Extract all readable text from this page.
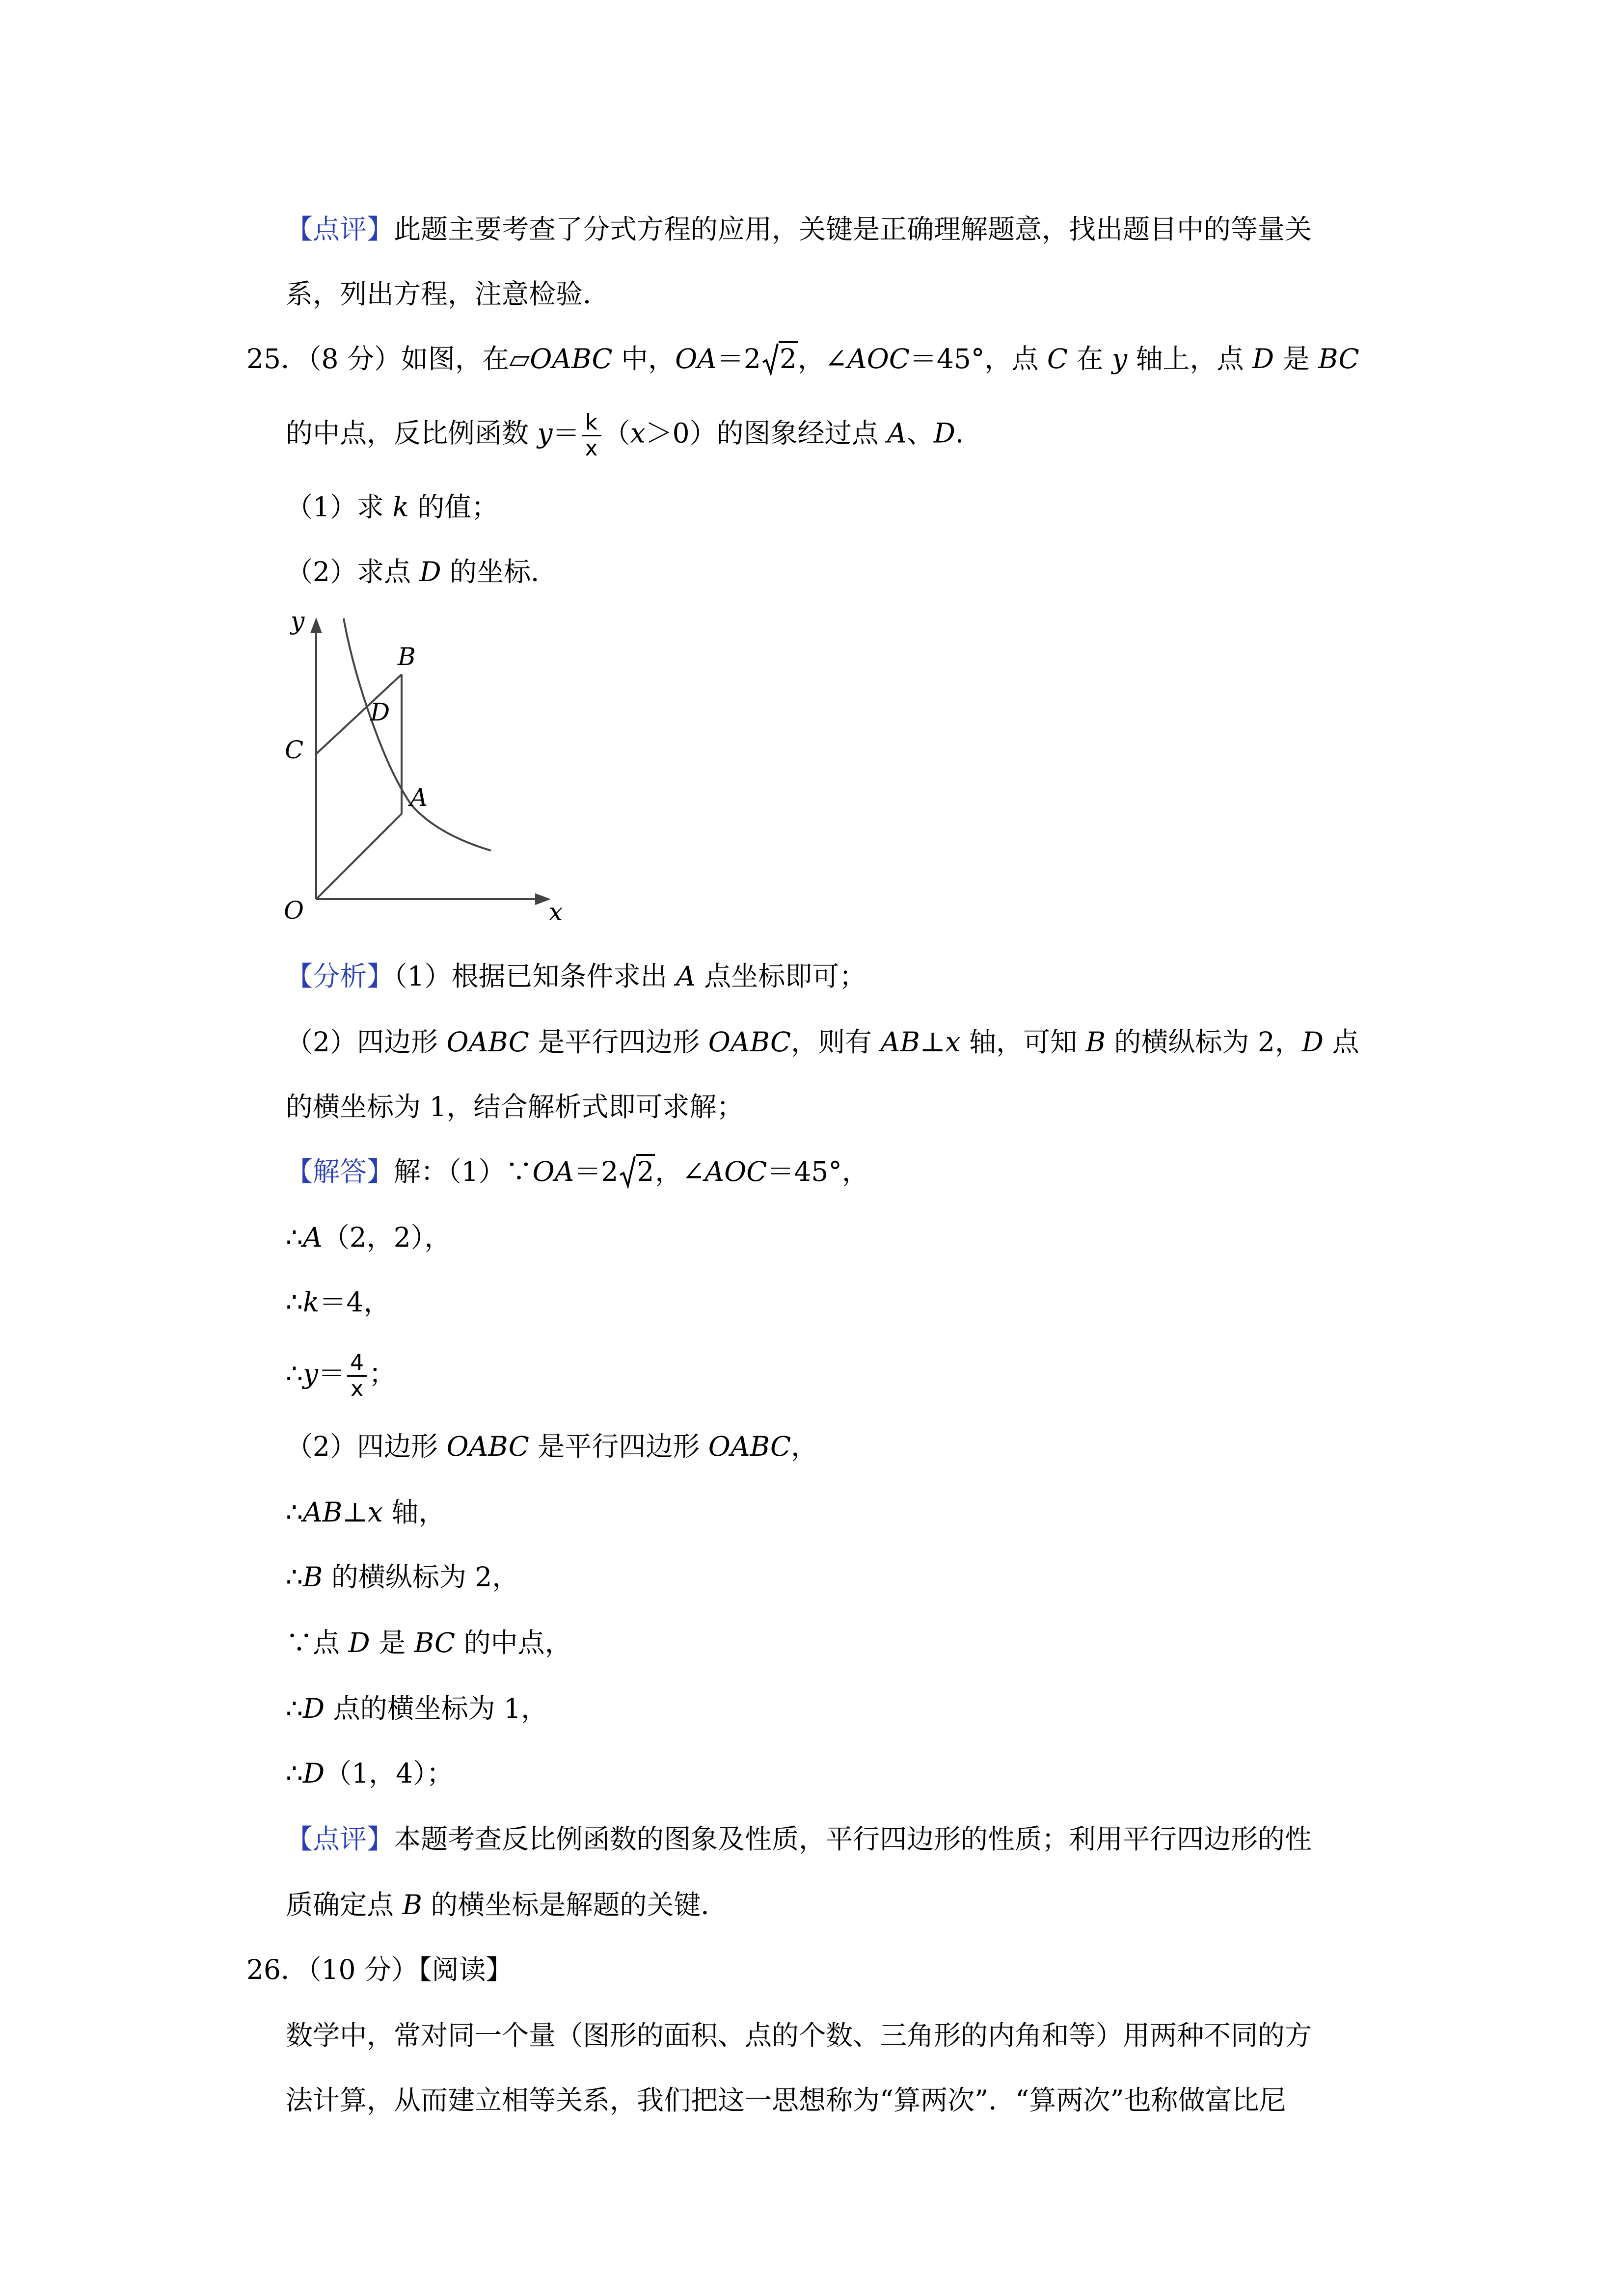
【点评】此题主要考查了分式方程的应用，关键是正确理解题意，找出题目中的等量关
系，列出方程，注意检验．
25．（8 分）如图，在▱OABC 中，OA＝2 2，∠AOC＝45°，点 C 在 y 轴上，点 D 是 BC
的中点，反比例函数 $y= \frac{k}{x} (x>0)$的图象经过点 A、D．
（1）求 k 的值；
（2）求点 D 的坐标．
y
B
D
C
A
O	x
【分析】（1）根据已知条件求出 A 点坐标即可；
（2）四边形 OABC 是平行四边形 OABC，则有 AB⊥x 轴，可知 B 的横纵标为 2，D 点
的横坐标为 1，结合解析式即可求解；
【解答】解：（1）∵OA＝2 2，∠AOC＝45°，
∴A（2，2），
∴k＝4，
∴y＝ $\frac{4}{x}$ ；
（2）四边形 OABC 是平行四边形 OABC，
∴AB⊥x 轴，
∴B 的横纵标为 2，
∵点 D 是 BC 的中点，
∴D 点的横坐标为 1，
∴D（1，4）；
【点评】本题考查反比例函数的图象及性质，平行四边形的性质；利用平行四边形的性
质确定点 B 的横坐标是解题的关键．
26．（10 分）【阅读】
数学中，常对同一个量（图形的面积、点的个数、三角形的内角和等）用两种不同的方
法计算，从而建立相等关系，我们把这一思想称为“算两次”．“算两次”也称做富比尼
